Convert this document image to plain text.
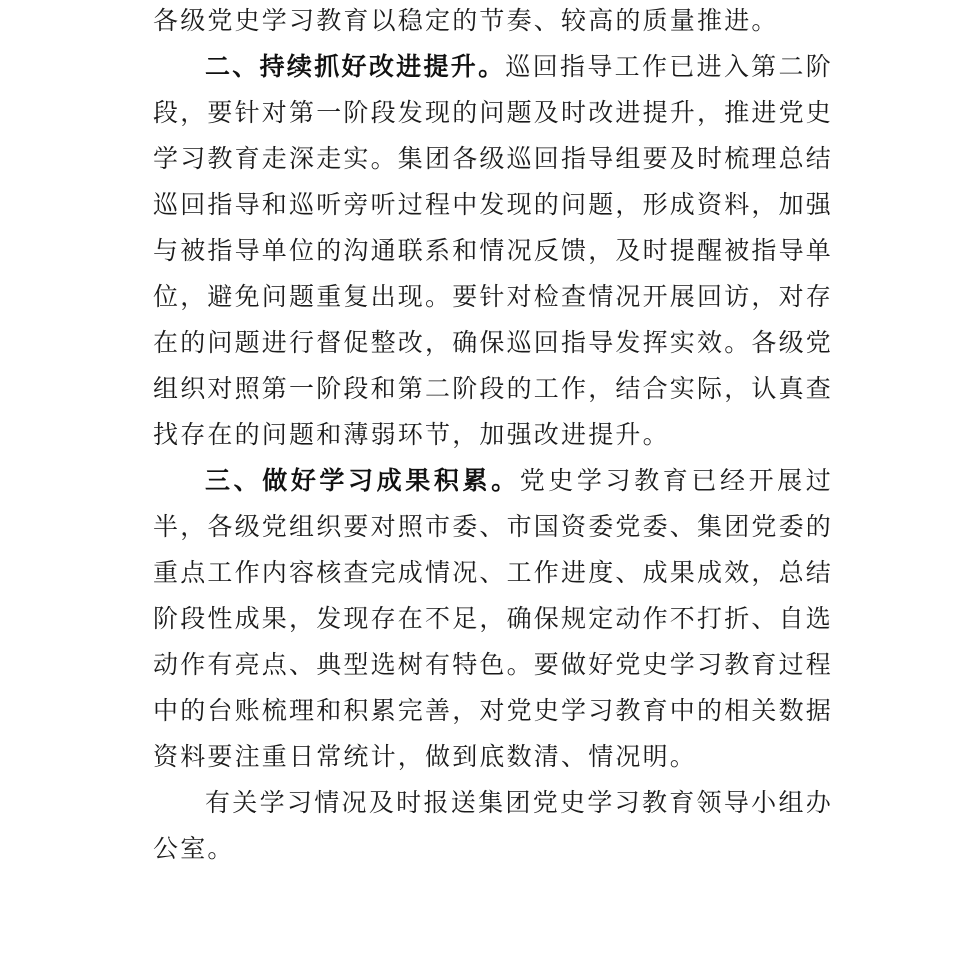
各级党史学习教育以稳定的节奏、较高的质量推进。

二、持续抓好改进提升。巡回指导工作已进入第二阶段，要针对第一阶段发现的问题及时改进提升，推进党史学习教育走深走实。集团各级巡回指导组要及时梳理总结巡回指导和巡听旁听过程中发现的问题，形成资料，加强与被指导单位的沟通联系和情况反馈，及时提醒被指导单位，避免问题重复出现。要针对检查情况开展回访，对存在的问题进行督促整改，确保巡回指导发挥实效。各级党组织对照第一阶段和第二阶段的工作，结合实际，认真查找存在的问题和薄弱环节，加强改进提升。

三、做好学习成果积累。党史学习教育已经开展过半，各级党组织要对照市委、市国资委党委、集团党委的重点工作内容核查完成情况、工作进度、成果成效，总结阶段性成果，发现存在不足，确保规定动作不打折、自选动作有亮点、典型选树有特色。要做好党史学习教育过程中的台账梳理和积累完善，对党史学习教育中的相关数据资料要注重日常统计，做到底数清、情况明。

有关学习情况及时报送集团党史学习教育领导小组办公室。
